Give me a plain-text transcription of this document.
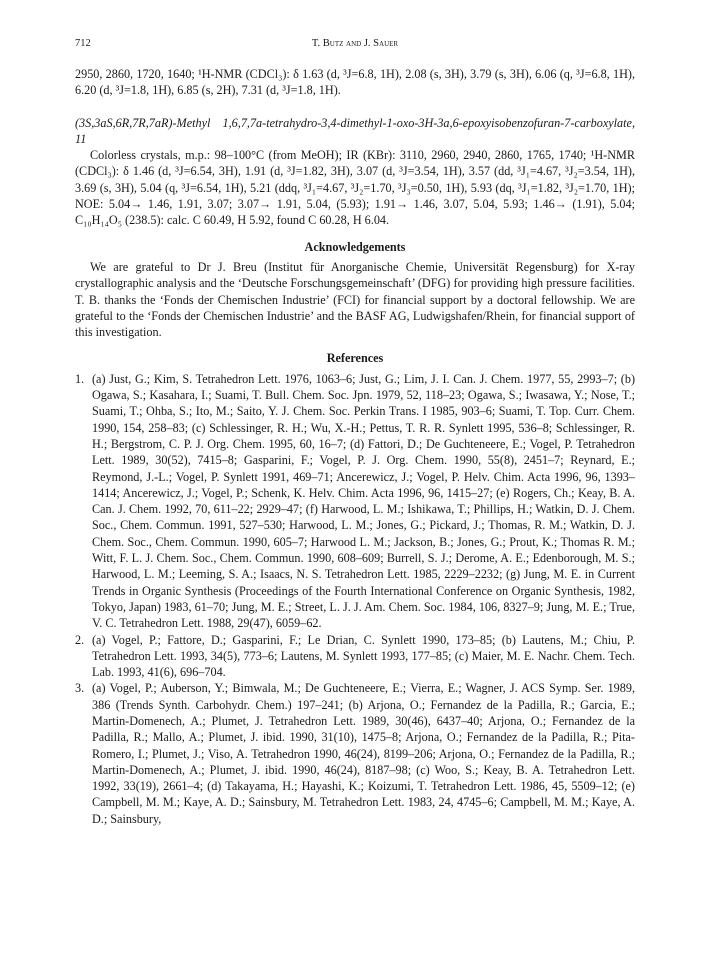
712	T. Butz and J. Sauer

2950, 2860, 1720, 1640; ¹H-NMR (CDCl₃): δ 1.63 (d, ³J=6.8, 1H), 2.08 (s, 3H), 3.79 (s, 3H), 6.06 (q, ³J=6.8, 1H), 6.20 (d, ³J=1.8, 1H), 6.85 (s, 2H), 7.31 (d, ³J=1.8, 1H).

(3S,3aS,6R,7R,7aR)-Methyl 1,6,7,7a-tetrahydro-3,4-dimethyl-1-oxo-3H-3a,6-epoxyisobenzofuran-7-carboxylate, 11

Colorless crystals, m.p.: 98–100°C (from MeOH); IR (KBr): 3110, 2960, 2940, 2860, 1765, 1740; ¹H-NMR (CDCl₃): δ 1.46 (d, ³J=6.54, 3H), 1.91 (d, ³J=1.82, 3H), 3.07 (d, ³J=3.54, 1H), 3.57 (dd, ³J₁=4.67, ³J₂=3.54, 1H), 3.69 (s, 3H), 5.04 (q, ³J=6.54, 1H), 5.21 (ddq, ³J₁=4.67, ³J₂=1.70, ³J₃=0.50, 1H), 5.93 (dq, ³J₁=1.82, ³J₂=1.70, 1H); NOE: 5.04→ 1.46, 1.91, 3.07; 3.07→ 1.91, 5.04, (5.93); 1.91→ 1.46, 3.07, 5.04, 5.93; 1.46→ (1.91), 5.04; C₁₀H₁₄O₅ (238.5): calc. C 60.49, H 5.92, found C 60.28, H 6.04.

Acknowledgements

We are grateful to Dr J. Breu (Institut für Anorganische Chemie, Universität Regensburg) for X-ray crystallographic analysis and the ‘Deutsche Forschungsgemeinschaft’ (DFG) for providing high pressure facilities. T. B. thanks the ‘Fonds der Chemischen Industrie’ (FCI) for financial support by a doctoral fellowship. We are grateful to the ‘Fonds der Chemischen Industrie’ and the BASF AG, Ludwigshafen/Rhein, for financial support of this investigation.

References

1. (a) Just, G.; Kim, S. Tetrahedron Lett. 1976, 1063–6; Just, G.; Lim, J. I. Can. J. Chem. 1977, 55, 2993–7; (b) Ogawa, S.; Kasahara, I.; Suami, T. Bull. Chem. Soc. Jpn. 1979, 52, 118–23; Ogawa, S.; Iwasawa, Y.; Nose, T.; Suami, T.; Ohba, S.; Ito, M.; Saito, Y. J. Chem. Soc. Perkin Trans. I 1985, 903–6; Suami, T. Top. Curr. Chem. 1990, 154, 258–83; (c) Schlessinger, R. H.; Wu, X.-H.; Pettus, T. R. R. Synlett 1995, 536–8; Schlessinger, R. H.; Bergstrom, C. P. J. Org. Chem. 1995, 60, 16–7; (d) Fattori, D.; De Guchteneere, E.; Vogel, P. Tetrahedron Lett. 1989, 30(52), 7415–8; Gasparini, F.; Vogel, P. J. Org. Chem. 1990, 55(8), 2451–7; Reynard, E.; Reymond, J.-L.; Vogel, P. Synlett 1991, 469–71; Ancerewicz, J.; Vogel, P. Helv. Chim. Acta 1996, 96, 1393–1414; Ancerewicz, J.; Vogel, P.; Schenk, K. Helv. Chim. Acta 1996, 96, 1415–27; (e) Rogers, Ch.; Keay, B. A. Can. J. Chem. 1992, 70, 611–22; 2929–47; (f) Harwood, L. M.; Ishikawa, T.; Phillips, H.; Watkin, D. J. Chem. Soc., Chem. Commun. 1991, 527–530; Harwood, L. M.; Jones, G.; Pickard, J.; Thomas, R. M.; Watkin, D. J. Chem. Soc., Chem. Commun. 1990, 605–7; Harwood L. M.; Jackson, B.; Jones, G.; Prout, K.; Thomas R. M.; Witt, F. L. J. Chem. Soc., Chem. Commun. 1990, 608–609; Burrell, S. J.; Derome, A. E.; Edenborough, M. S.; Harwood, L. M.; Leeming, S. A.; Isaacs, N. S. Tetrahedron Lett. 1985, 2229–2232; (g) Jung, M. E. in Current Trends in Organic Synthesis (Proceedings of the Fourth International Conference on Organic Synthesis, 1982, Tokyo, Japan) 1983, 61–70; Jung, M. E.; Street, L. J. J. Am. Chem. Soc. 1984, 106, 8327–9; Jung, M. E.; True, V. C. Tetrahedron Lett. 1988, 29(47), 6059–62.
2. (a) Vogel, P.; Fattore, D.; Gasparini, F.; Le Drian, C. Synlett 1990, 173–85; (b) Lautens, M.; Chiu, P. Tetrahedron Lett. 1993, 34(5), 773–6; Lautens, M. Synlett 1993, 177–85; (c) Maier, M. E. Nachr. Chem. Tech. Lab. 1993, 41(6), 696–704.
3. (a) Vogel, P.; Auberson, Y.; Bimwala, M.; De Guchteneere, E.; Vierra, E.; Wagner, J. ACS Symp. Ser. 1989, 386 (Trends Synth. Carbohydr. Chem.) 197–241; (b) Arjona, O.; Fernandez de la Padilla, R.; Garcia, E.; Martin-Domenech, A.; Plumet, J. Tetrahedron Lett. 1989, 30(46), 6437–40; Arjona, O.; Fernandez de la Padilla, R.; Mallo, A.; Plumet, J. ibid. 1990, 31(10), 1475–8; Arjona, O.; Fernandez de la Padilla, R.; Pita-Romero, I.; Plumet, J.; Viso, A. Tetrahedron 1990, 46(24), 8199–206; Arjona, O.; Fernandez de la Padilla, R.; Martin-Domenech, A.; Plumet, J. ibid. 1990, 46(24), 8187–98; (c) Woo, S.; Keay, B. A. Tetrahedron Lett. 1992, 33(19), 2661–4; (d) Takayama, H.; Hayashi, K.; Koizumi, T. Tetrahedron Lett. 1986, 45, 5509–12; (e) Campbell, M. M.; Kaye, A. D.; Sainsbury, M. Tetrahedron Lett. 1983, 24, 4745–6; Campbell, M. M.; Kaye, A. D.; Sainsbury,
